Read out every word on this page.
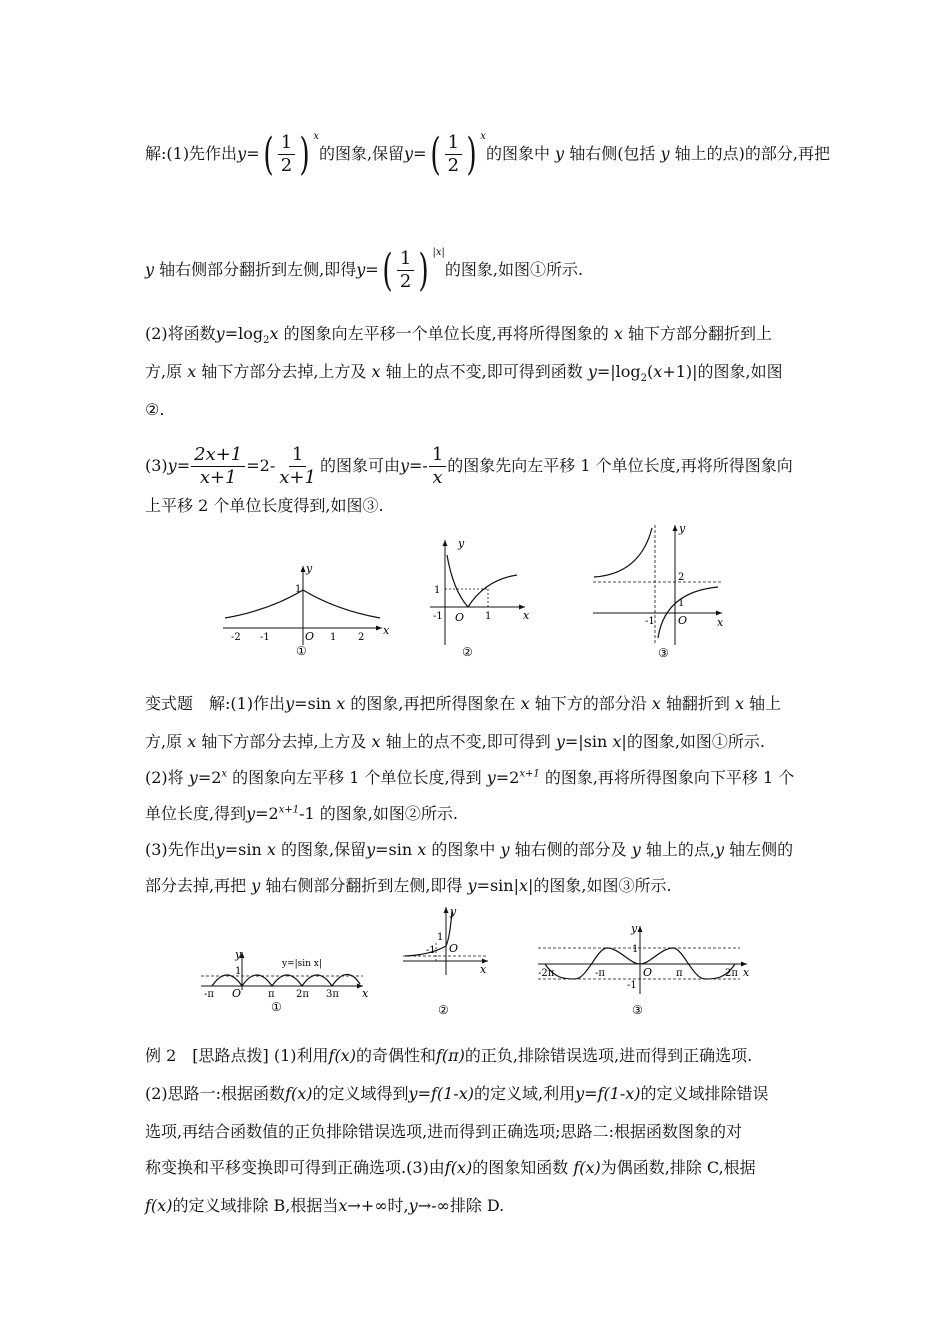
解:(1)先作出$y=( \frac{1}{2}$ ) $^x$的图象,保留$y=( \frac{1}{2}$ ) $^x$的图象中 y 轴右侧(包括 y 轴上的点)的部分,再把
y 轴右侧部分翻折到左侧,即得$y=( \frac{1}{2}$ ) $^{|x|}$的图象,如图①所示.
(2)将函数$y=\log_2x$ 的图象向左平移一个单位长度,再将所得图象的 x 轴下方部分翻折到上
方,原 x 轴下方部分去掉,上方及 x 轴上的点不变,即可得到函数 $y=|\log_2(x+1)|$的图象,如图
②.
$(3)y= \frac{2x+1}{x+1} =2- \frac{1}{x+1}$ 的图象可由$y=- \frac{1}{x}$ 的图象先向左平移 1 个单位长度,再将所得图象向
上平移 2 个单位长度得到,如图③.
x
y
O
-2 -1	1 2
1
①
x
y
O
-1	1
1
②
x
y
O
2
1
-1
③
变式题　解:(1)作出y=sin x 的图象,再把所得图象在 x 轴下方的部分沿 x 轴翻折到 x 轴上
方,原 x 轴下方部分去掉,上方及 x 轴上的点不变,即可得到 y=|sin x|的图象,如图①所示.
(2)将 $y=2^x$ 的图象向左平移 1 个单位长度,得到 $y=2^{x+1}$ 的图象,再将所得图象向下平移 1 个
单位长度,得到$y=2^{x+1}-1$ 的图象,如图②所示.
(3)先作出y=sin x 的图象,保留y=sin x 的图象中 y 轴右侧的部分及 y 轴上的点,y 轴左侧的
部分去掉,再把 y 轴右侧部分翻折到左侧,即得 y=sin|x|的图象,如图③所示.
x
y
O
-π	π 2π 3π
1
y=|sin x|
①
x
y
O
-1
1
②
x
y
O
-2π	-π	π	2π
1
-1
③
例 2　[思路点拨] (1)利用f(x)的奇偶性和f(π)的正负,排除错误选项,进而得到正确选项.
(2)思路一:根据函数f(x)的定义域得到y=f(1-x)的定义域,利用y=f(1-x)的定义域排除错误
选项,再结合函数值的正负排除错误选项,进而得到正确选项;思路二:根据函数图象的对
称变换和平移变换即可得到正确选项.(3)由f(x)的图象知函数 f(x)为偶函数,排除 C,根据
f(x)的定义域排除 B,根据当x→+∞时,y→-∞排除 D.
